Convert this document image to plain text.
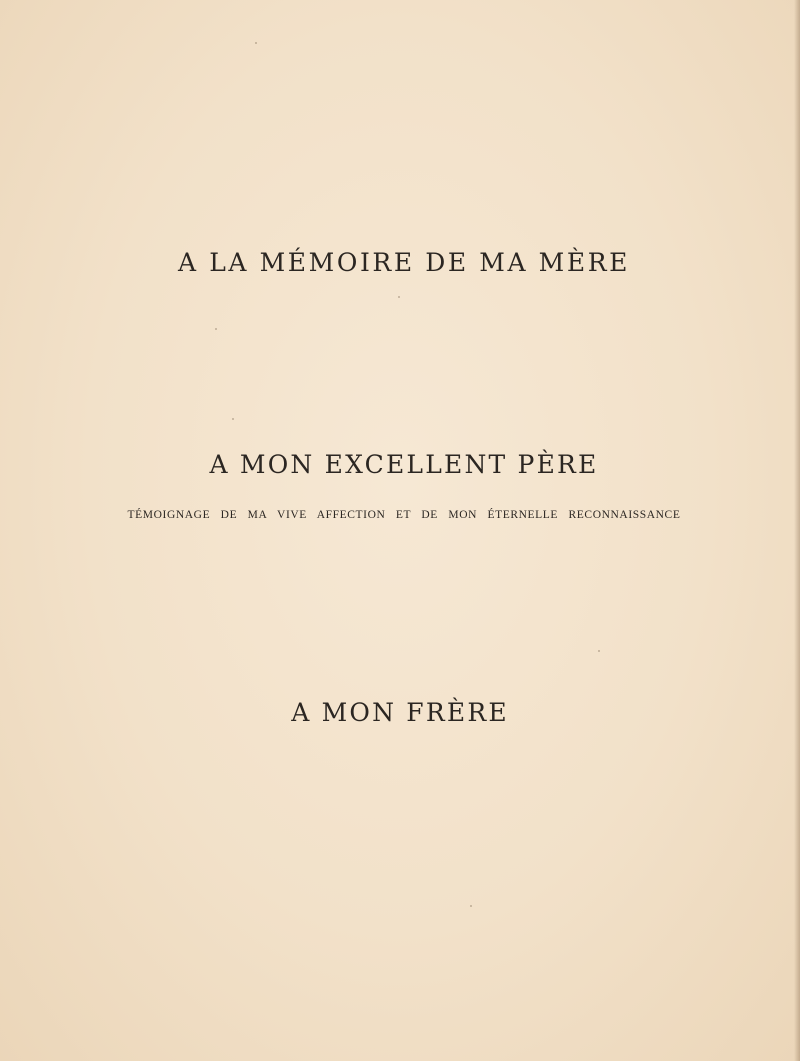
A LA MÉMOIRE DE MA MÈRE
A MON EXCELLENT PÈRE

TÉMOIGNAGE DE MA VIVE AFFECTION ET DE MON ÉTERNELLE RECONNAISSANCE

A MON FRÈRE
